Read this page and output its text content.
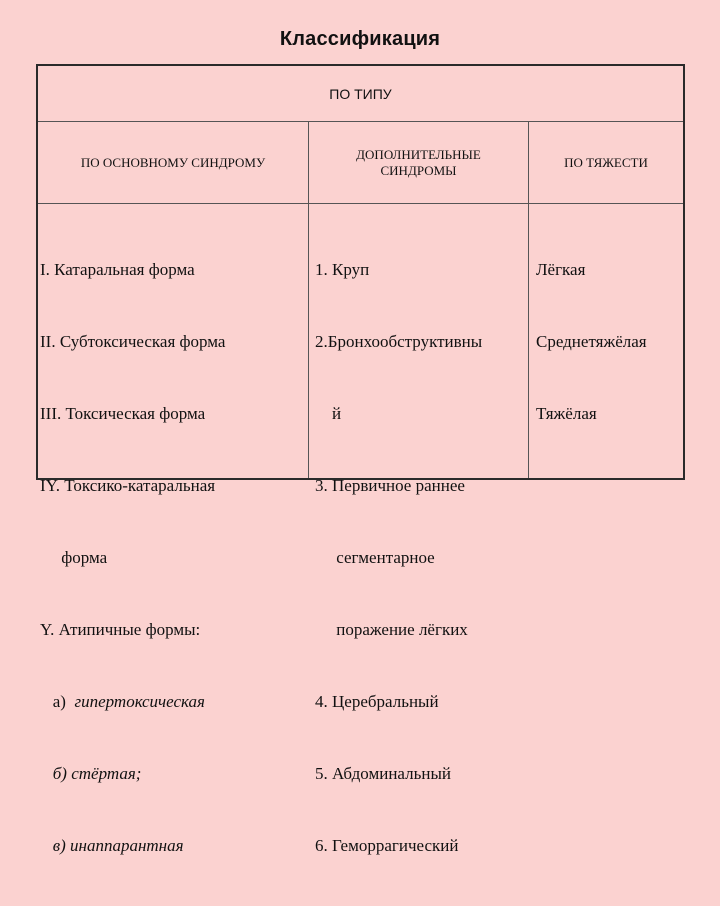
Классификация
ПО ТИПУ
ПО ОСНОВНОМУ СИНДРОМУ
ДОПОЛНИТЕЛЬНЫЕ
СИНДРОМЫ
ПО ТЯЖЕСТИ

I. Катаральная форма

II. Субтоксическая форма

III. Токсическая форма

IY. Токсико-катаральная

форма

Y. Атипичные формы:

а)  гипертоксическая

б) стёртая;

в) инаппарантная

1. Круп

2.Бронхообструктивны

й

3. Первичное раннее

сегментарное

поражение лёгких

4. Церебральный

5. Абдоминальный

6. Геморрагический

Лёгкая

Среднетяжёлая

Тяжёлая
